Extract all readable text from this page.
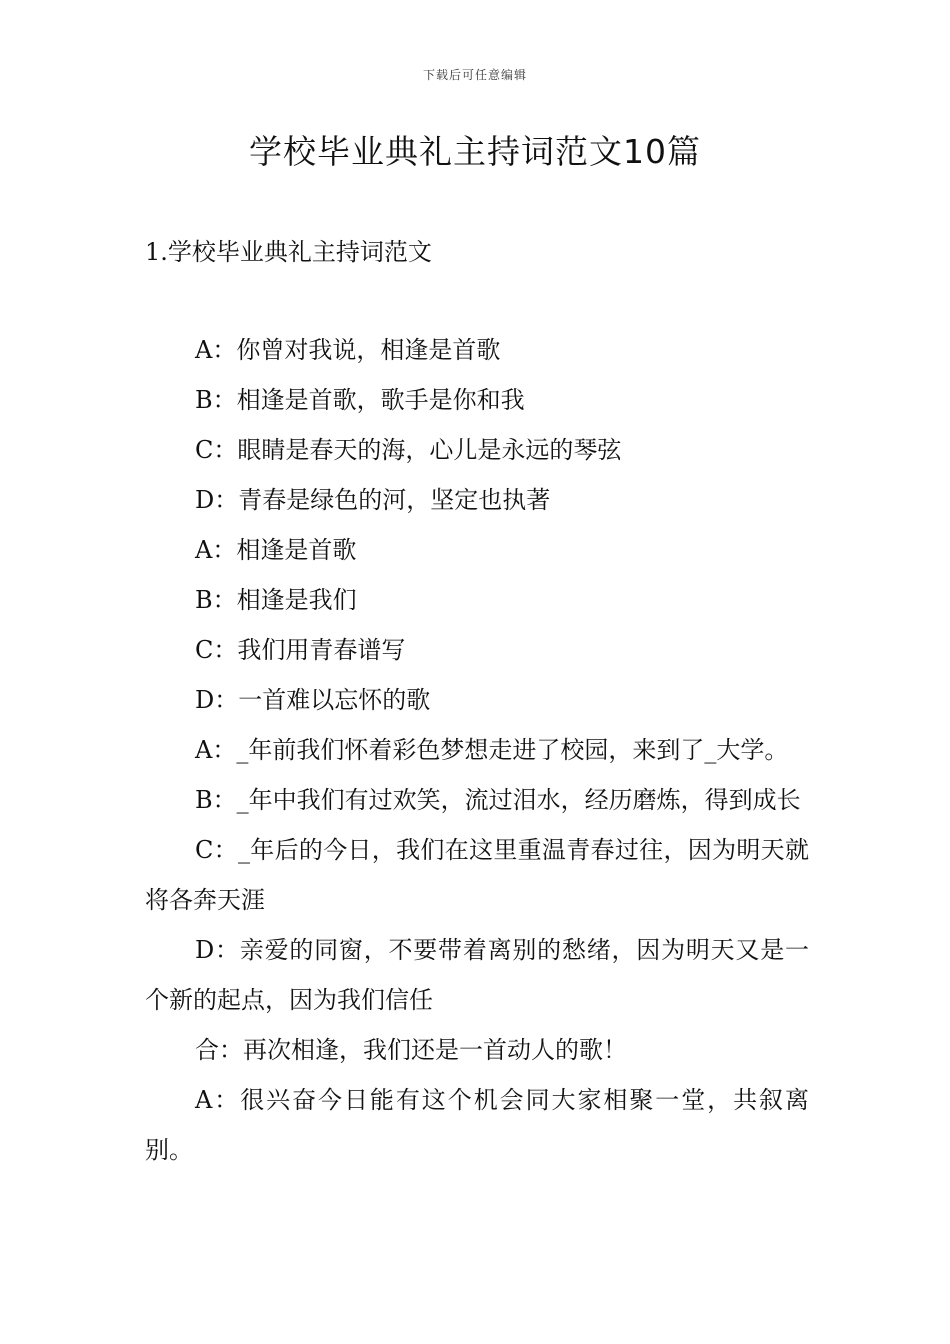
下载后可任意编辑
学校毕业典礼主持词范文10篇
1.学校毕业典礼主持词范文

A：你曾对我说，相逢是首歌

B：相逢是首歌，歌手是你和我

C：眼睛是春天的海，心儿是永远的琴弦

D：青春是绿色的河，坚定也执著

A：相逢是首歌

B：相逢是我们

C：我们用青春谱写

D：一首难以忘怀的歌

A：_年前我们怀着彩色梦想走进了校园，来到了_大学。

B：_年中我们有过欢笑，流过泪水，经历磨炼，得到成长

C：_年后的今日，我们在这里重温青春过往，因为明天就将各奔天涯

D：亲爱的同窗，不要带着离别的愁绪，因为明天又是一个新的起点，因为我们信任

合：再次相逢，我们还是一首动人的歌！

A：很兴奋今日能有这个机会同大家相聚一堂，共叙离别。
